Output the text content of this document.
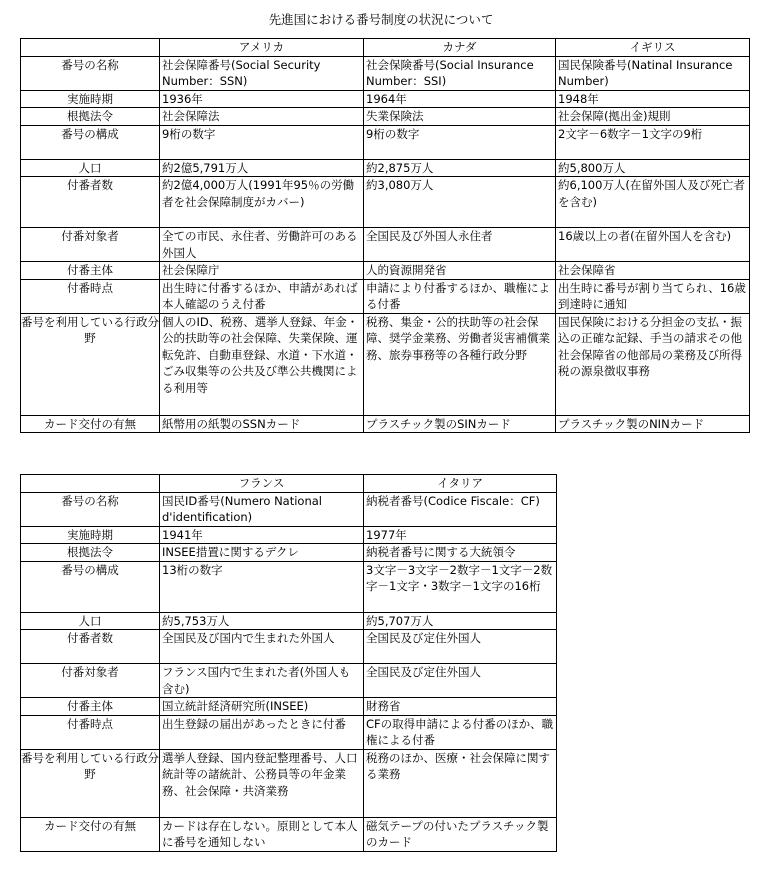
先進国における番号制度の状況について
	アメリカ	カナダ	イギリス
番号の名称	社会保障番号(Social Security Number：SSN)	社会保険番号(Social Insurance Number：SSI)	国民保険番号(Natinal Insurance Number)
実施時期	1936年	1964年	1948年
根拠法令	社会保障法	失業保険法	社会保障(拠出金)規則
番号の構成	9桁の数字	9桁の数字	2文字－6数字－1文字の9桁
人口	約2億5,791万人	約2,875万人	約5,800万人
付番者数	約2億4,000万人(1991年95％の労働者を社会保障制度がカバー)	約3,080万人	約6,100万人(在留外国人及び死亡者を含む)
付番対象者	全ての市民、永住者、労働許可のある外国人	全国民及び外国人永住者	16歳以上の者(在留外国人を含む)
付番主体	社会保障庁	人的資源開発省	社会保障省
付番時点	出生時に付番するほか、申請があれば本人確認のうえ付番	申請により付番するほか、職権による付番	出生時に番号が割り当てられ、16歳到達時に通知
番号を利用している行政分野	個人のID、税務、選挙人登録、年金・公的扶助等の社会保障、失業保険、運転免許、自動車登録、水道・下水道・ごみ収集等の公共及び準公共機関による利用等	税務、集金・公的扶助等の社会保障、奨学金業務、労働者災害補償業務、旅券事務等の各種行政分野	国民保険における分担金の支払・振込の正確な記録、手当の請求その他社会保障省の他部局の業務及び所得税の源泉徴収事務
カード交付の有無	紙幣用の紙製のSSNカード	プラスチック製のSINカード	プラスチック製のNINカード
	フランス	イタリア
番号の名称	国民ID番号(Numero National d'identification)	納税者番号(Codice Fiscale：CF)
実施時期	1941年	1977年
根拠法令	INSEE措置に関するデクレ	納税者番号に関する大統領令
番号の構成	13桁の数字	3文字－3文字－2数字－1文字－2数字－1文字・3数字－1文字の16桁
人口	約5,753万人	約5,707万人
付番者数	全国民及び国内で生まれた外国人	全国民及び定住外国人
付番対象者	フランス国内で生まれた者(外国人も含む)	全国民及び定住外国人
付番主体	国立統計経済研究所(INSEE)	財務省
付番時点	出生登録の届出があったときに付番	CFの取得申請による付番のほか、職権による付番
番号を利用している行政分野	選挙人登録、国内登記整理番号、人口統計等の諸統計、公務員等の年金業務、社会保障・共済業務	税務のほか、医療・社会保障に関する業務
カード交付の有無	カードは存在しない。原則として本人に番号を通知しない	磁気テープの付いたプラスチック製のカード
